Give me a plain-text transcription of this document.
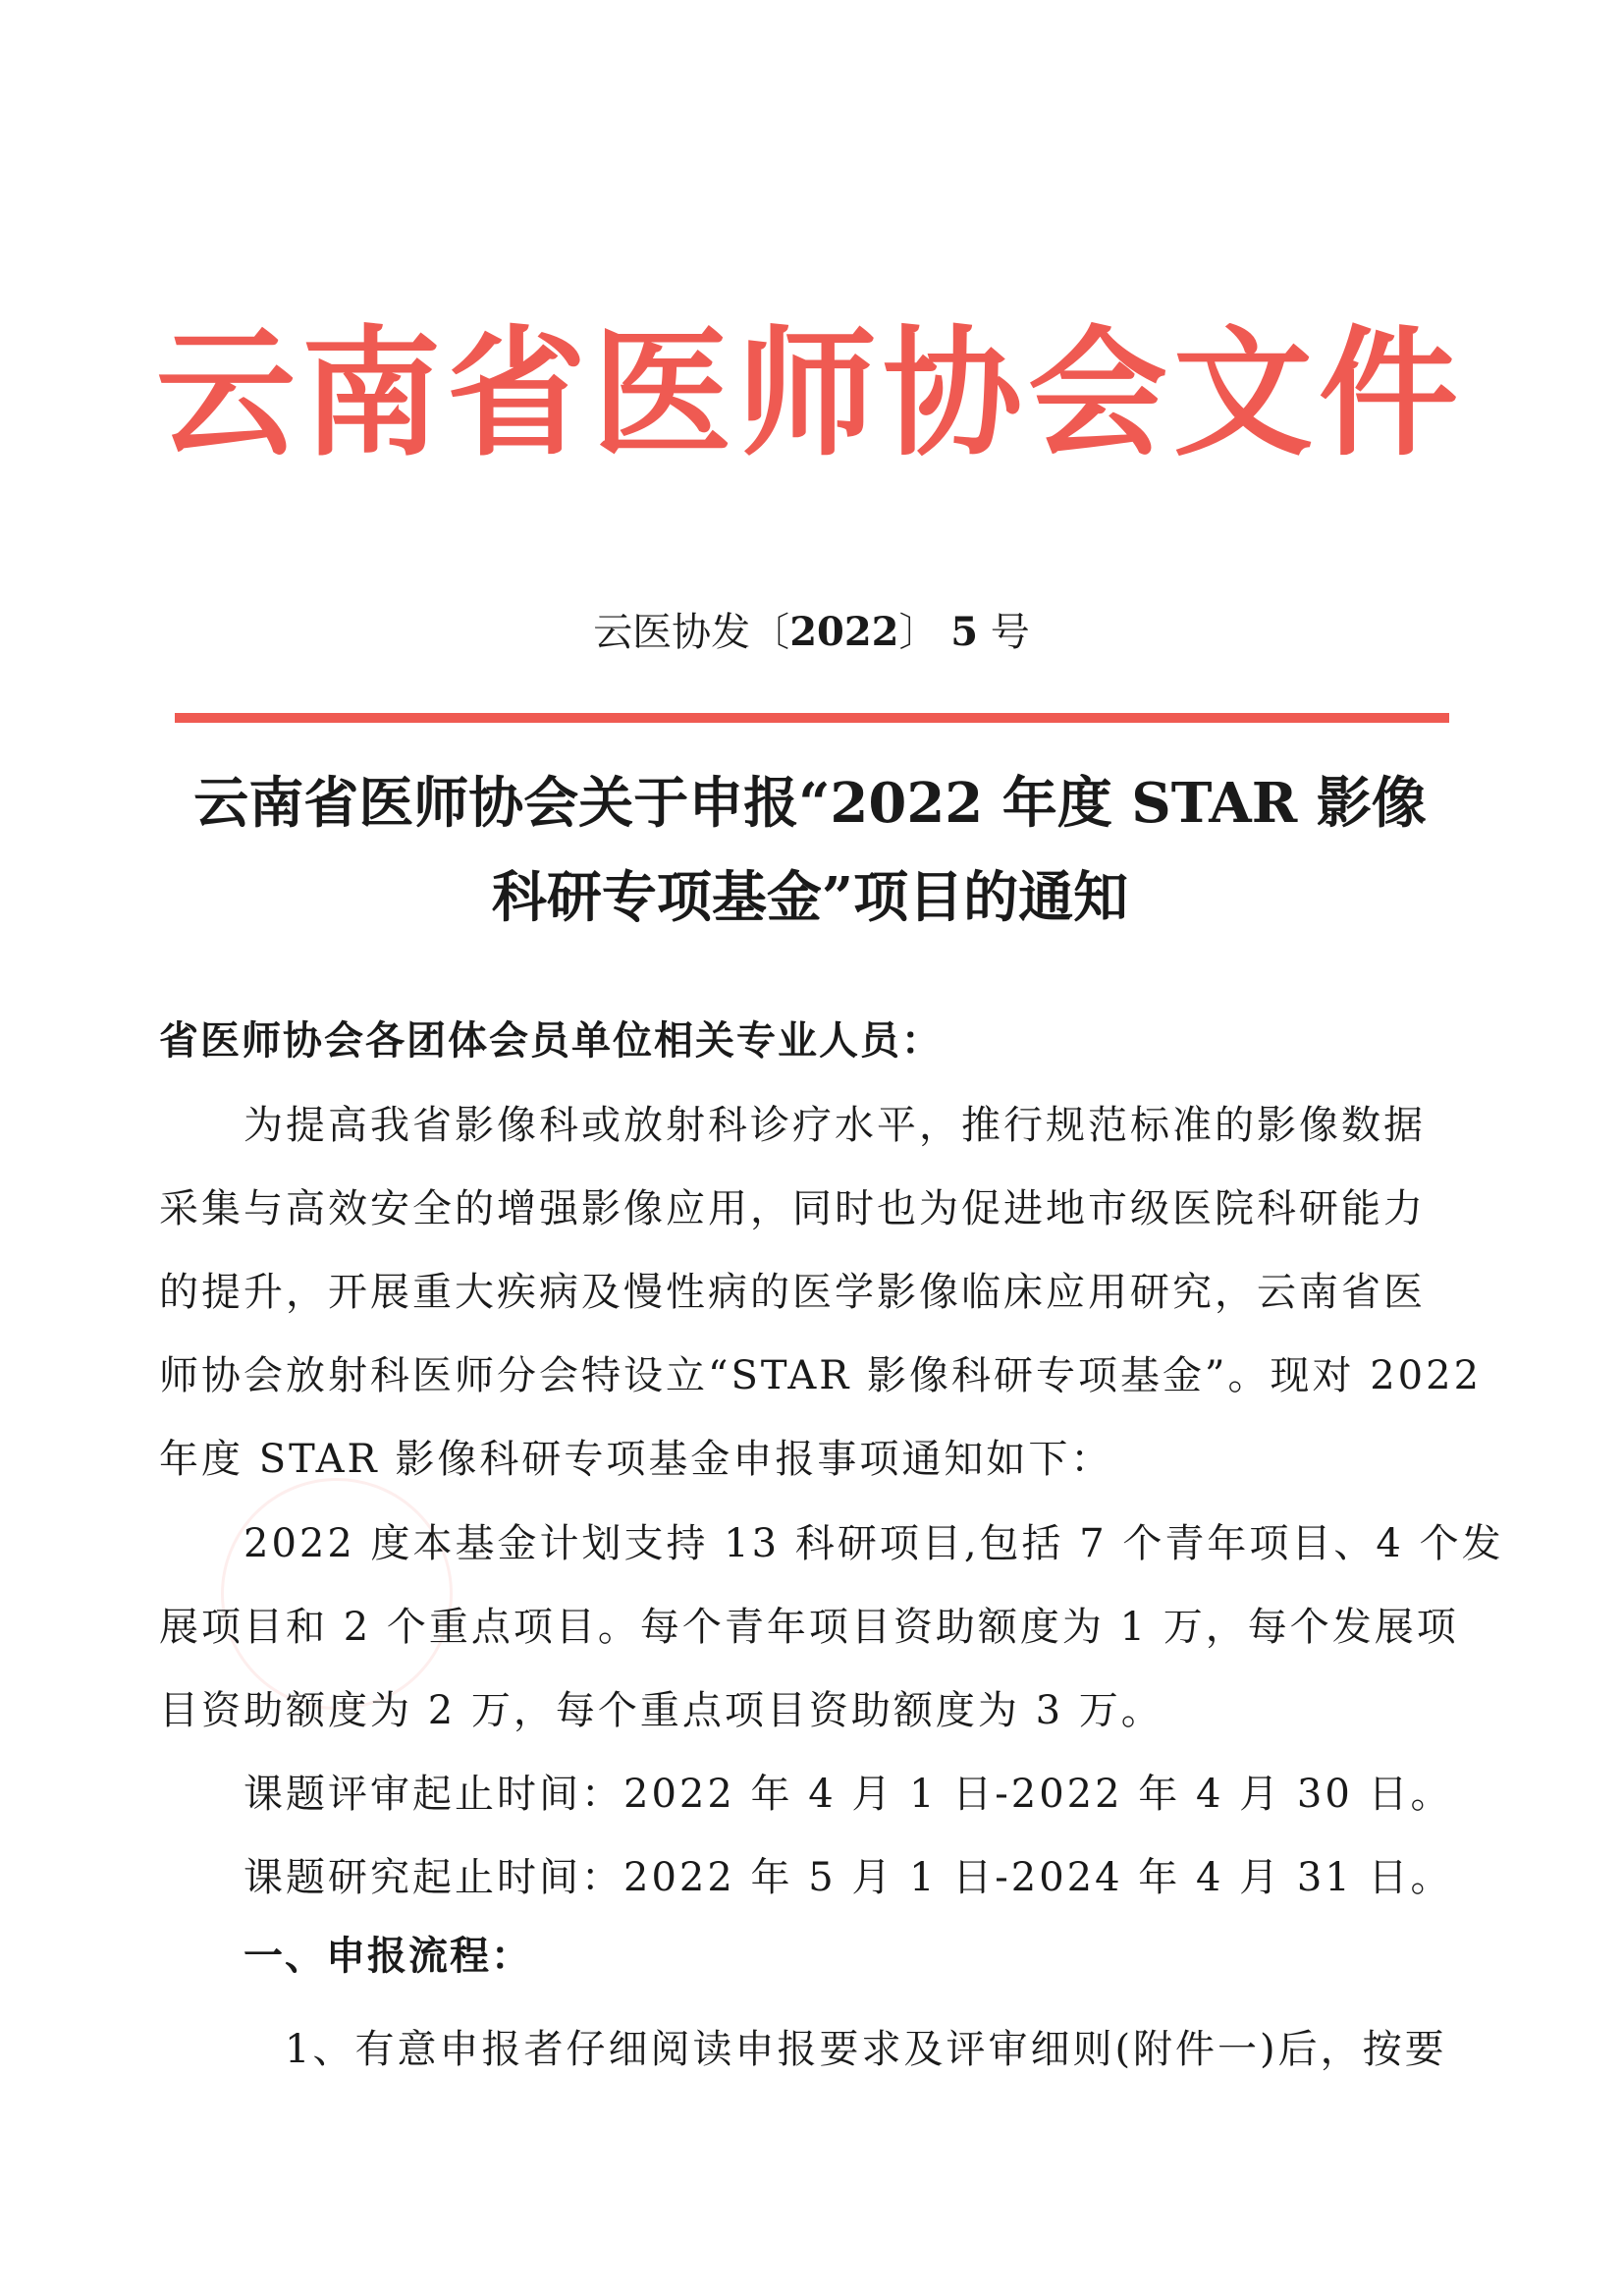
云南省医师协会文件
云医协发〔2022〕 5 号
云南省医师协会关于申报“2022 年度 STAR 影像
科研专项基金”项目的通知
省医师协会各团体会员单位相关专业人员：
　　为提高我省影像科或放射科诊疗水平，推行规范标准的影像数据
采集与高效安全的增强影像应用，同时也为促进地市级医院科研能力
的提升，开展重大疾病及慢性病的医学影像临床应用研究，云南省医
师协会放射科医师分会特设立“STAR 影像科研专项基金”。现对 2022
年度 STAR 影像科研专项基金申报事项通知如下：
　　2022 度本基金计划支持 13 科研项目,包括 7 个青年项目、4 个发
展项目和 2 个重点项目。每个青年项目资助额度为 1 万，每个发展项
目资助额度为 2 万，每个重点项目资助额度为 3 万。
课题评审起止时间：2022 年 4 月 1 日-2022 年 4 月 30 日。
课题研究起止时间：2022 年 5 月 1 日-2024 年 4 月 31 日。
一、申报流程：
1、有意申报者仔细阅读申报要求及评审细则(附件一)后，按要
